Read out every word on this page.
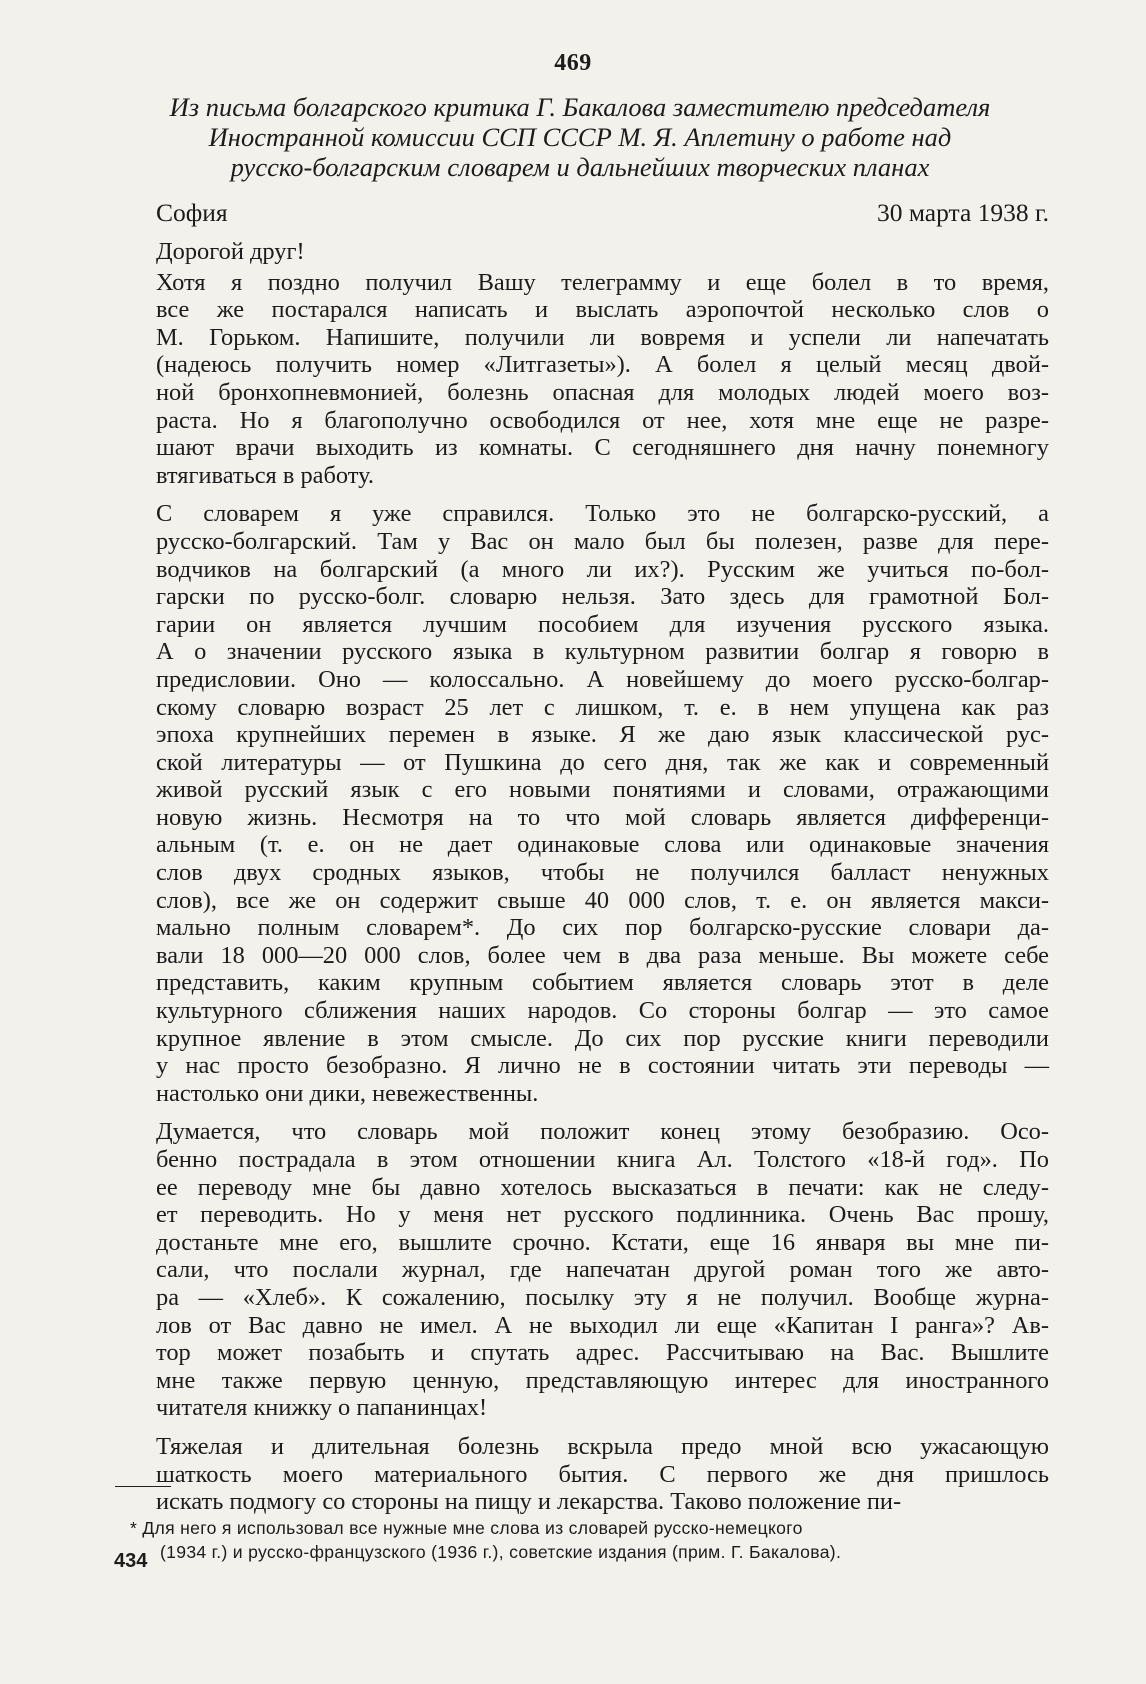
469
Из письма болгарского критика Г. Бакалова заместителю председателя
Иностранной комиссии ССП СССР М. Я. Аплетину о работе над
русско-болгарским словарем и дальнейших творческих планах
София	30 марта 1938 г.
Дорогой друг!

Хотя я поздно получил Вашу телеграмму и еще болел в то время,
все же постарался написать и выслать аэропочтой несколько слов о
М. Горьком. Напишите, получили ли вовремя и успели ли напечатать
(надеюсь получить номер «Литгазеты»). А болел я целый месяц двой-
ной бронхопневмонией, болезнь опасная для молодых людей моего воз-
раста. Но я благополучно освободился от нее, хотя мне еще не разре-
шают врачи выходить из комнаты. С сегодняшнего дня начну понемногу
втягиваться в работу.

С словарем я уже справился. Только это не болгарско-русский, а
русско-болгарский. Там у Вас он мало был бы полезен, разве для пере-
водчиков на болгарский (а много ли их?). Русским же учиться по-бол-
гарски по русско-болг. словарю нельзя. Зато здесь для грамотной Бол-
гарии он является лучшим пособием для изучения русского языка.
А о значении русского языка в культурном развитии болгар я говорю в
предисловии. Оно — колоссально. А новейшему до моего русско-болгар-
скому словарю возраст 25 лет с лишком, т. е. в нем упущена как раз
эпоха крупнейших перемен в языке. Я же даю язык классической рус-
ской литературы — от Пушкина до сего дня, так же как и современный
живой русский язык с его новыми понятиями и словами, отражающими
новую жизнь. Несмотря на то что мой словарь является дифференци-
альным (т. е. он не дает одинаковые слова или одинаковые значения
слов двух сродных языков, чтобы не получился балласт ненужных
слов), все же он содержит свыше 40 000 слов, т. е. он является макси-
мально полным словарем*. До сих пор болгарско-русские словари да-
вали 18 000—20 000 слов, более чем в два раза меньше. Вы можете себе
представить, каким крупным событием является словарь этот в деле
культурного сближения наших народов. Со стороны болгар — это самое
крупное явление в этом смысле. До сих пор русские книги переводили
у нас просто безобразно. Я лично не в состоянии читать эти переводы —
настолько они дики, невежественны.

Думается, что словарь мой положит конец этому безобразию. Осо-
бенно пострадала в этом отношении книга Ал. Толстого «18-й год». По
ее переводу мне бы давно хотелось высказаться в печати: как не следу-
ет переводить. Но у меня нет русского подлинника. Очень Вас прошу,
достаньте мне его, вышлите срочно. Кстати, еще 16 января вы мне пи-
сали, что послали журнал, где напечатан другой роман того же авто-
ра — «Хлеб». К сожалению, посылку эту я не получил. Вообще журна-
лов от Вас давно не имел. А не выходил ли еще «Капитан I ранга»? Ав-
тор может позабыть и спутать адрес. Рассчитываю на Вас. Вышлите
мне также первую ценную, представляющую интерес для иностранного
читателя книжку о папанинцах!

Тяжелая и длительная болезнь вскрыла предо мной всю ужасающую
шаткость моего материального бытия. С первого же дня пришлось
искать подмогу со стороны на пищу и лекарства. Таково положение пи-

* Для него я использовал все нужные мне слова из словарей русско-немецкого
(1934 г.) и русско-французского (1936 г.), советские издания (прим. Г. Бакалова).
434
